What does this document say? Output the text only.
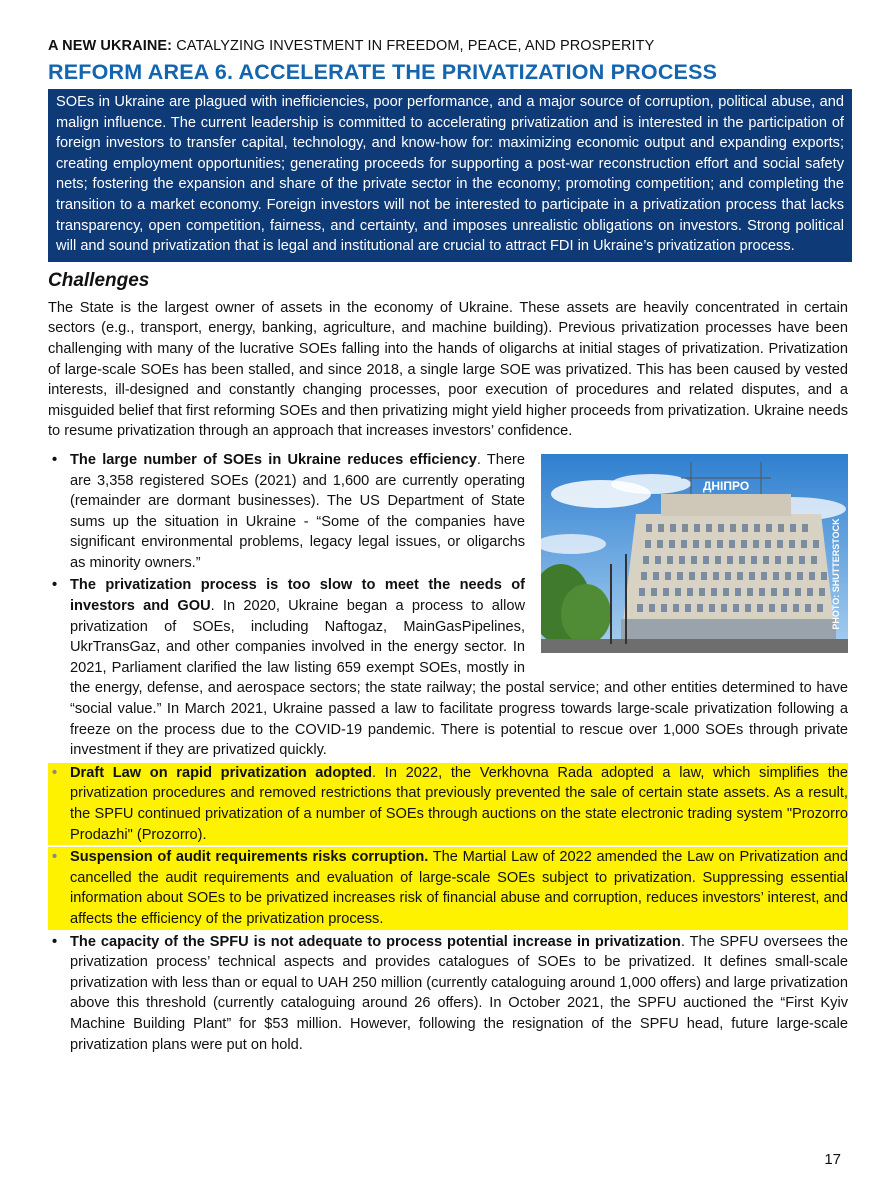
A NEW UKRAINE: CATALYZING INVESTMENT IN FREEDOM, PEACE, AND PROSPERITY
REFORM AREA 6. ACCELERATE THE PRIVATIZATION PROCESS
SOEs in Ukraine are plagued with inefficiencies, poor performance, and a major source of corruption, political abuse, and malign influence. The current leadership is committed to accelerating privatization and is interested in the participation of foreign investors to transfer capital, technology, and know-how for: maximizing economic output and expanding exports; creating employment opportunities; generating proceeds for supporting a post-war reconstruction effort and social safety nets; fostering the expansion and share of the private sector in the economy; promoting competition; and completing the transition to a market economy. Foreign investors will not be interested to participate in a privatization process that lacks transparency, open competition, fairness, and certainty, and imposes unrealistic obligations on investors. Strong political will and sound privatization that is legal and institutional are crucial to attract FDI in Ukraine’s privatization process.
Challenges

The State is the largest owner of assets in the economy of Ukraine. These assets are heavily concentrated in certain sectors (e.g., transport, energy, banking, agriculture, and machine building). Previous privatization processes have been challenging with many of the lucrative SOEs falling into the hands of oligarchs at initial stages of privatization. Privatization of large-scale SOEs has been stalled, and since 2018, a single large SOE was privatized. This has been caused by vested interests, ill-designed and constantly changing processes, poor execution of procedures and related disputes, and a misguided belief that first reforming SOEs and then privatizing might yield higher proceeds from privatization. Ukraine needs to resume privatization through an approach that increases investors’ confidence.

ДНІПРО
PHOTO: SHUTTERSTOCK
• The large number of SOEs in Ukraine reduces efficiency. There are 3,358 registered SOEs (2021) and 1,600 are currently operating (remainder are dormant businesses). The US Department of State sums up the situation in Ukraine - “Some of the companies have significant environmental problems, legacy legal issues, or oligarchs as minority owners.”
• The privatization process is too slow to meet the needs of investors and GOU. In 2020, Ukraine began a process to allow privatization of SOEs, including Naftogaz, MainGasPipelines, UkrTransGaz, and other companies involved in the energy sector. In 2021, Parliament clarified the law listing 659 exempt SOEs, mostly in the energy, defense, and aerospace sectors; the state railway; the postal service; and other entities determined to have “social value.” In March 2021, Ukraine passed a law to facilitate progress towards large-scale privatization following a freeze on the process due to the COVID-19 pandemic. There is potential to rescue over 1,000 SOEs through private investment if they are privatized quickly.
• Draft Law on rapid privatization adopted. In 2022, the Verkhovna Rada adopted a law, which simplifies the privatization procedures and removed restrictions that previously prevented the sale of certain state assets. As a result, the SPFU continued privatization of a number of SOEs through auctions on the state electronic trading system "Prozorro Prodazhi" (Prozorro).
• Suspension of audit requirements risks corruption. The Martial Law of 2022 amended the Law on Privatization and cancelled the audit requirements and evaluation of large-scale SOEs subject to privatization. Suppressing essential information about SOEs to be privatized increases risk of financial abuse and corruption, reduces investors’ interest, and affects the efficiency of the privatization process.
• The capacity of the SPFU is not adequate to process potential increase in privatization. The SPFU oversees the privatization process’ technical aspects and provides catalogues of SOEs to be privatized. It defines small-scale privatization with less than or equal to UAH 250 million (currently cataloguing around 1,000 offers) and large privatization above this threshold (currently cataloguing around 26 offers). In October 2021, the SPFU auctioned the “First Kyiv Machine Building Plant” for $53 million. However, following the resignation of the SPFU head, future large-scale privatization plans were put on hold.
17
